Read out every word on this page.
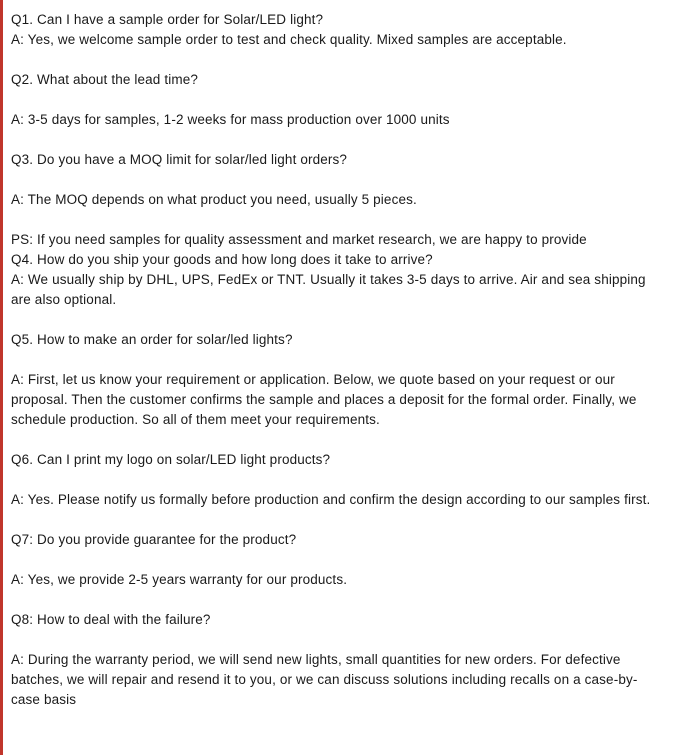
Q1. Can I have a sample order for Solar/LED light?

A: Yes, we welcome sample order to test and check quality. Mixed samples are acceptable.

Q2. What about the lead time?

A: 3-5 days for samples, 1-2 weeks for mass production over 1000 units

Q3. Do you have a MOQ limit for solar/led light orders?

A: The MOQ depends on what product you need, usually 5 pieces.

PS: If you need samples for quality assessment and market research, we are happy to provide

Q4. How do you ship your goods and how long does it take to arrive?

A: We usually ship by DHL, UPS, FedEx or TNT. Usually it takes 3-5 days to arrive. Air and sea shipping are also optional.

Q5. How to make an order for solar/led lights?

A: First, let us know your requirement or application. Below, we quote based on your request or our proposal. Then the customer confirms the sample and places a deposit for the formal order. Finally, we schedule production. So all of them meet your requirements.

Q6. Can I print my logo on solar/LED light products?

A: Yes. Please notify us formally before production and confirm the design according to our samples first.

Q7: Do you provide guarantee for the product?

A: Yes, we provide 2-5 years warranty for our products.

Q8: How to deal with the failure?

A: During the warranty period, we will send new lights, small quantities for new orders. For defective batches, we will repair and resend it to you, or we can discuss solutions including recalls on a case-by-case basis
